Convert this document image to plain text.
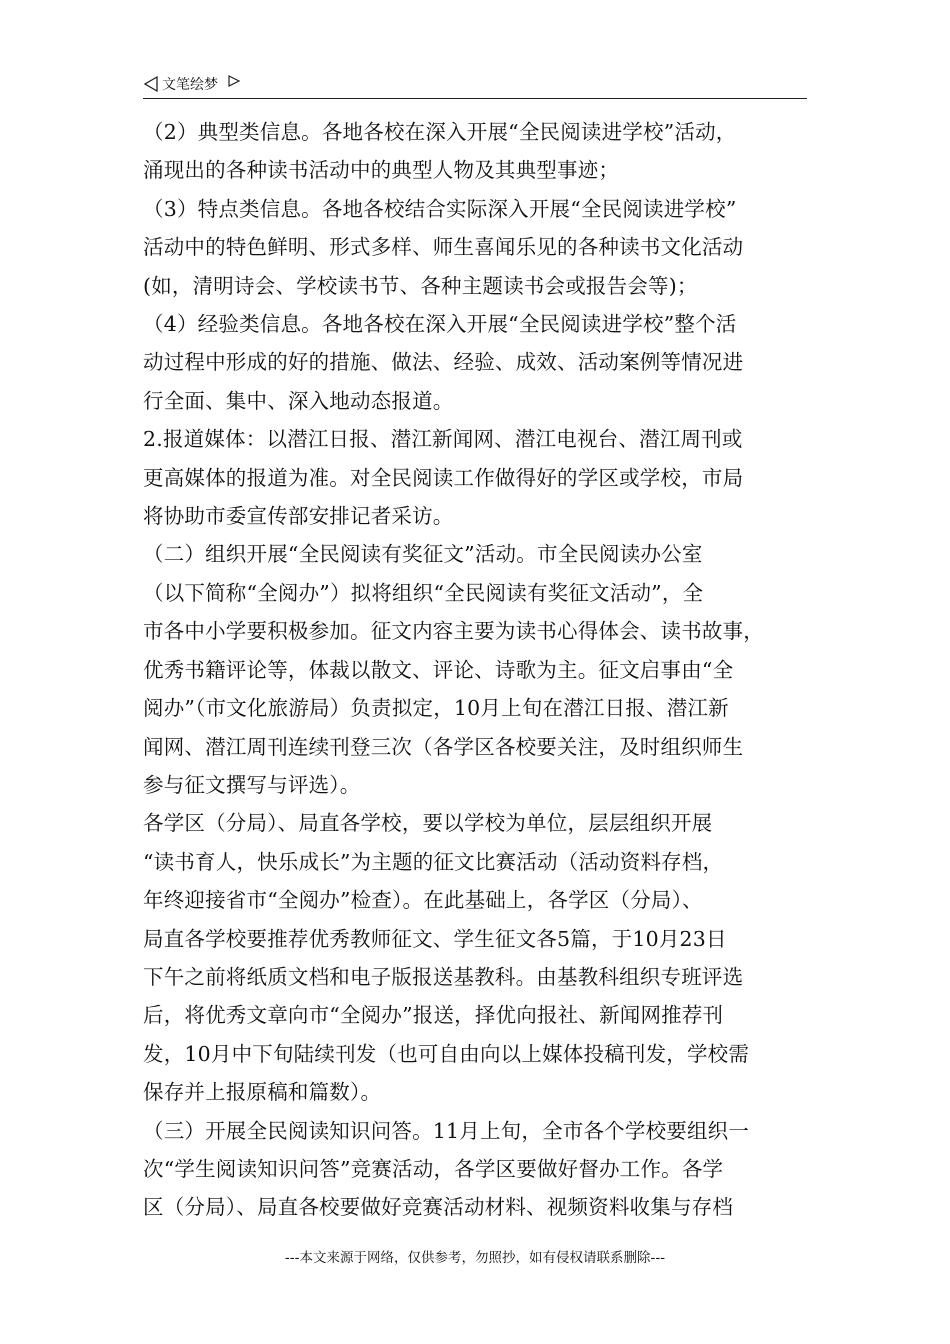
文笔绘梦

（2）典型类信息。各地各校在深入开展“全民阅读进学校”活动，

涌现出的各种读书活动中的典型人物及其典型事迹；

（3）特点类信息。各地各校结合实际深入开展“全民阅读进学校”

活动中的特色鲜明、形式多样、师生喜闻乐见的各种读书文化活动

(如，清明诗会、学校读书节、各种主题读书会或报告会等)；

（4）经验类信息。各地各校在深入开展“全民阅读进学校”整个活

动过程中形成的好的措施、做法、经验、成效、活动案例等情况进

行全面、集中、深入地动态报道。

2.报道媒体：以潜江日报、潜江新闻网、潜江电视台、潜江周刊或

更高媒体的报道为准。对全民阅读工作做得好的学区或学校，市局

将协助市委宣传部安排记者采访。

（二）组织开展“全民阅读有奖征文”活动。市全民阅读办公室

（以下简称“全阅办”）拟将组织“全民阅读有奖征文活动”，全

市各中小学要积极参加。征文内容主要为读书心得体会、读书故事，

优秀书籍评论等，体裁以散文、评论、诗歌为主。征文启事由“全

阅办”（市文化旅游局）负责拟定，10月上旬在潜江日报、潜江新

闻网、潜江周刊连续刊登三次（各学区各校要关注，及时组织师生

参与征文撰写与评选）。

各学区（分局）、局直各学校，要以学校为单位，层层组织开展

“读书育人，快乐成长”为主题的征文比赛活动（活动资料存档，

年终迎接省市“全阅办”检查）。在此基础上，各学区（分局）、

局直各学校要推荐优秀教师征文、学生征文各5篇，于10月23日

下午之前将纸质文档和电子版报送基教科。由基教科组织专班评选

后，将优秀文章向市“全阅办”报送，择优向报社、新闻网推荐刊

发，10月中下旬陆续刊发（也可自由向以上媒体投稿刊发，学校需

保存并上报原稿和篇数）。

（三）开展全民阅读知识问答。11月上旬，全市各个学校要组织一

次“学生阅读知识问答”竞赛活动，各学区要做好督办工作。各学

区（分局）、局直各校要做好竞赛活动材料、视频资料收集与存档

---本文来源于网络，仅供参考，勿照抄，如有侵权请联系删除---
